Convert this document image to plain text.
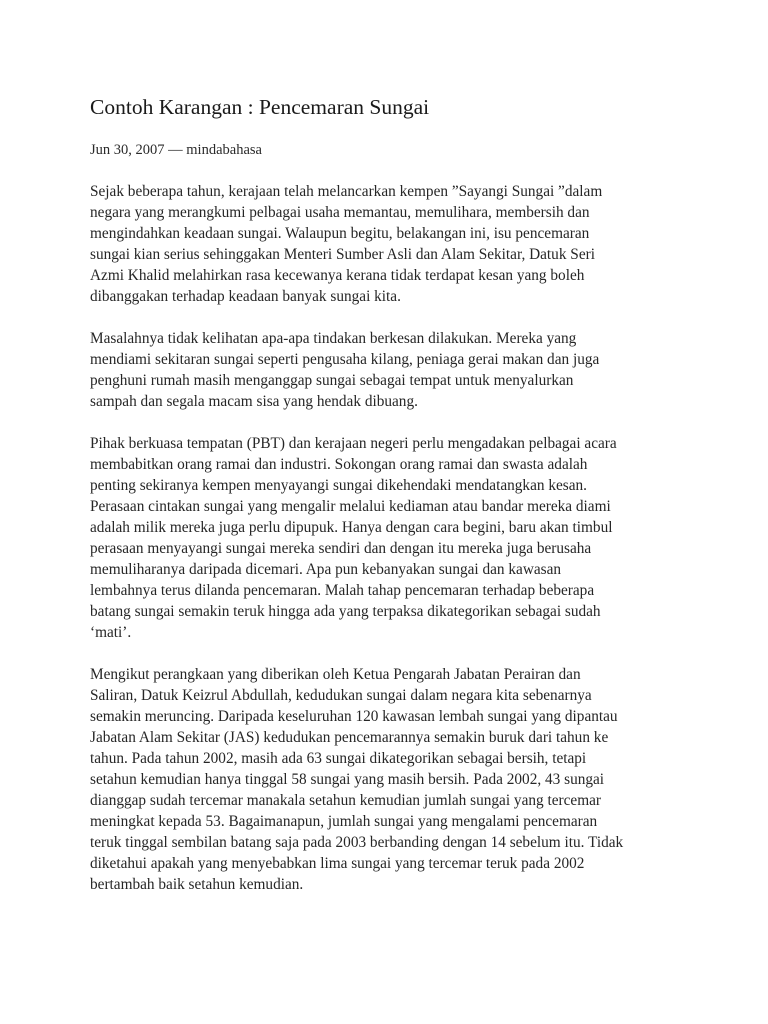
Contoh Karangan : Pencemaran Sungai
Jun 30, 2007 — mindabahasa

Sejak beberapa tahun, kerajaan telah melancarkan kempen ”Sayangi Sungai ”dalam
negara yang merangkumi pelbagai usaha memantau, memulihara, membersih dan
mengindahkan keadaan sungai. Walaupun begitu, belakangan ini, isu pencemaran
sungai kian serius sehinggakan Menteri Sumber Asli dan Alam Sekitar, Datuk Seri
Azmi Khalid melahirkan rasa kecewanya kerana tidak terdapat kesan yang boleh
dibanggakan terhadap keadaan banyak sungai kita.

Masalahnya tidak kelihatan apa-apa tindakan berkesan dilakukan. Mereka yang
mendiami sekitaran sungai seperti pengusaha kilang, peniaga gerai makan dan juga
penghuni rumah masih menganggap sungai sebagai tempat untuk menyalurkan
sampah dan segala macam sisa yang hendak dibuang.

Pihak berkuasa tempatan (PBT) dan kerajaan negeri perlu mengadakan pelbagai acara
membabitkan orang ramai dan industri. Sokongan orang ramai dan swasta adalah
penting sekiranya kempen menyayangi sungai dikehendaki mendatangkan kesan.
Perasaan cintakan sungai yang mengalir melalui kediaman atau bandar mereka diami
adalah milik mereka juga perlu dipupuk. Hanya dengan cara begini, baru akan timbul
perasaan menyayangi sungai mereka sendiri dan dengan itu mereka juga berusaha
memuliharanya daripada dicemari. Apa pun kebanyakan sungai dan kawasan
lembahnya terus dilanda pencemaran. Malah tahap pencemaran terhadap beberapa
batang sungai semakin teruk hingga ada yang terpaksa dikategorikan sebagai sudah
‘mati’.

Mengikut perangkaan yang diberikan oleh Ketua Pengarah Jabatan Perairan dan
Saliran, Datuk Keizrul Abdullah, kedudukan sungai dalam negara kita sebenarnya
semakin meruncing. Daripada keseluruhan 120 kawasan lembah sungai yang dipantau
Jabatan Alam Sekitar (JAS) kedudukan pencemarannya semakin buruk dari tahun ke
tahun. Pada tahun 2002, masih ada 63 sungai dikategorikan sebagai bersih, tetapi
setahun kemudian hanya tinggal 58 sungai yang masih bersih. Pada 2002, 43 sungai
dianggap sudah tercemar manakala setahun kemudian jumlah sungai yang tercemar
meningkat kepada 53. Bagaimanapun, jumlah sungai yang mengalami pencemaran
teruk tinggal sembilan batang saja pada 2003 berbanding dengan 14 sebelum itu. Tidak
diketahui apakah yang menyebabkan lima sungai yang tercemar teruk pada 2002
bertambah baik setahun kemudian.
